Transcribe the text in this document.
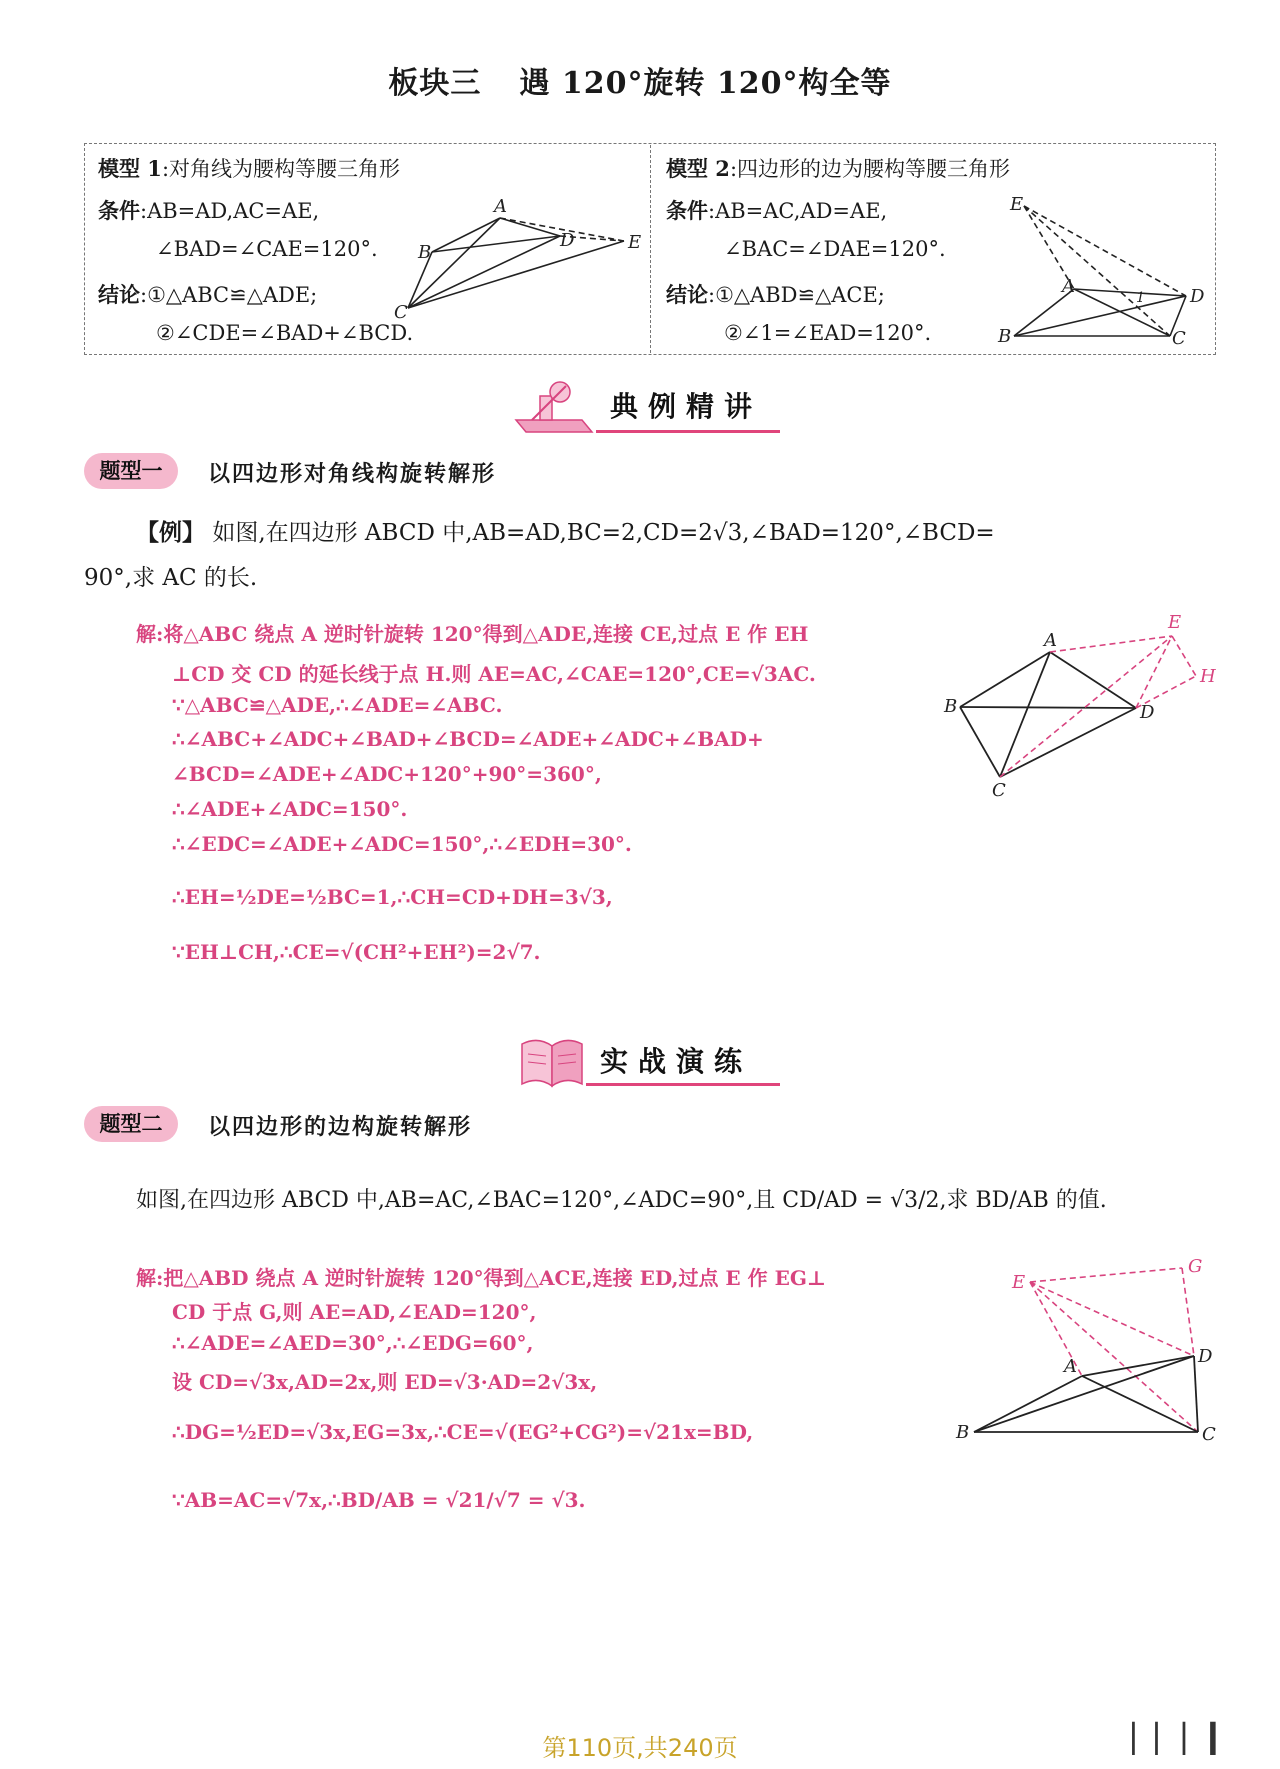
板块三 遇 120°旋转 120°构全等
模型 1:对角线为腰构等腰三角形
条件:AB=AD,AC=AE,
∠BAD=∠CAE=120°.
结论:①△ABC≌△ADE;
②∠CDE=∠BAD+∠BCD.
A
B
C
D	E
E
A
1	D
B	C
模型 2:四边形的边为腰构等腰三角形
条件:AB=AC,AD=AE,
∠BAC=∠DAE=120°.
结论:①△ABD≌△ACE;
②∠1=∠EAD=120°.
典例精讲
题型一	以四边形对角线构旋转解形
【例】 如图,在四边形 ABCD 中,AB=AD,BC=2,CD=2√3,∠BAD=120°,∠BCD=
90°,求 AC 的长.
解:将△ABC 绕点 A 逆时针旋转 120°得到△ADE,连接 CE,过点 E 作 EH
⊥CD 交 CD 的延长线于点 H.则 AE=AC,∠CAE=120°,CE=√3AC.
∵△ABC≌△ADE,∴∠ADE=∠ABC.
∴∠ABC+∠ADC+∠BAD+∠BCD=∠ADE+∠ADC+∠BAD+
∠BCD=∠ADE+∠ADC+120°+90°=360°,
∴∠ADE+∠ADC=150°.
∴∠EDC=∠ADE+∠ADC=150°,∴∠EDH=30°.
∴EH=½DE=½BC=1,∴CH=CD+DH=3√3,
∵EH⊥CH,∴CE=√(CH²+EH²)=2√7.
A
B
C
D
E
H
实战演练
题型二	以四边形的边构旋转解形
如图,在四边形 ABCD 中,AB=AC,∠BAC=120°,∠ADC=90°,且 CD/AD = √3/2,求 BD/AB 的值.
解:把△ABD 绕点 A 逆时针旋转 120°得到△ACE,连接 ED,过点 E 作 EG⊥
CD 于点 G,则 AE=AD,∠EAD=120°,
∴∠ADE=∠AED=30°,∴∠EDG=60°,
设 CD=√3x,AD=2x,则 ED=√3·AD=2√3x,
∴DG=½ED=√3x,EG=3x,∴CE=√(EG²+CG²)=√21x=BD,
∵AB=AC=√7x,∴BD/AB = √21/√7 = √3.
G
E
A	D
B	C
第110页,共240页	▕ ▏▏▎
